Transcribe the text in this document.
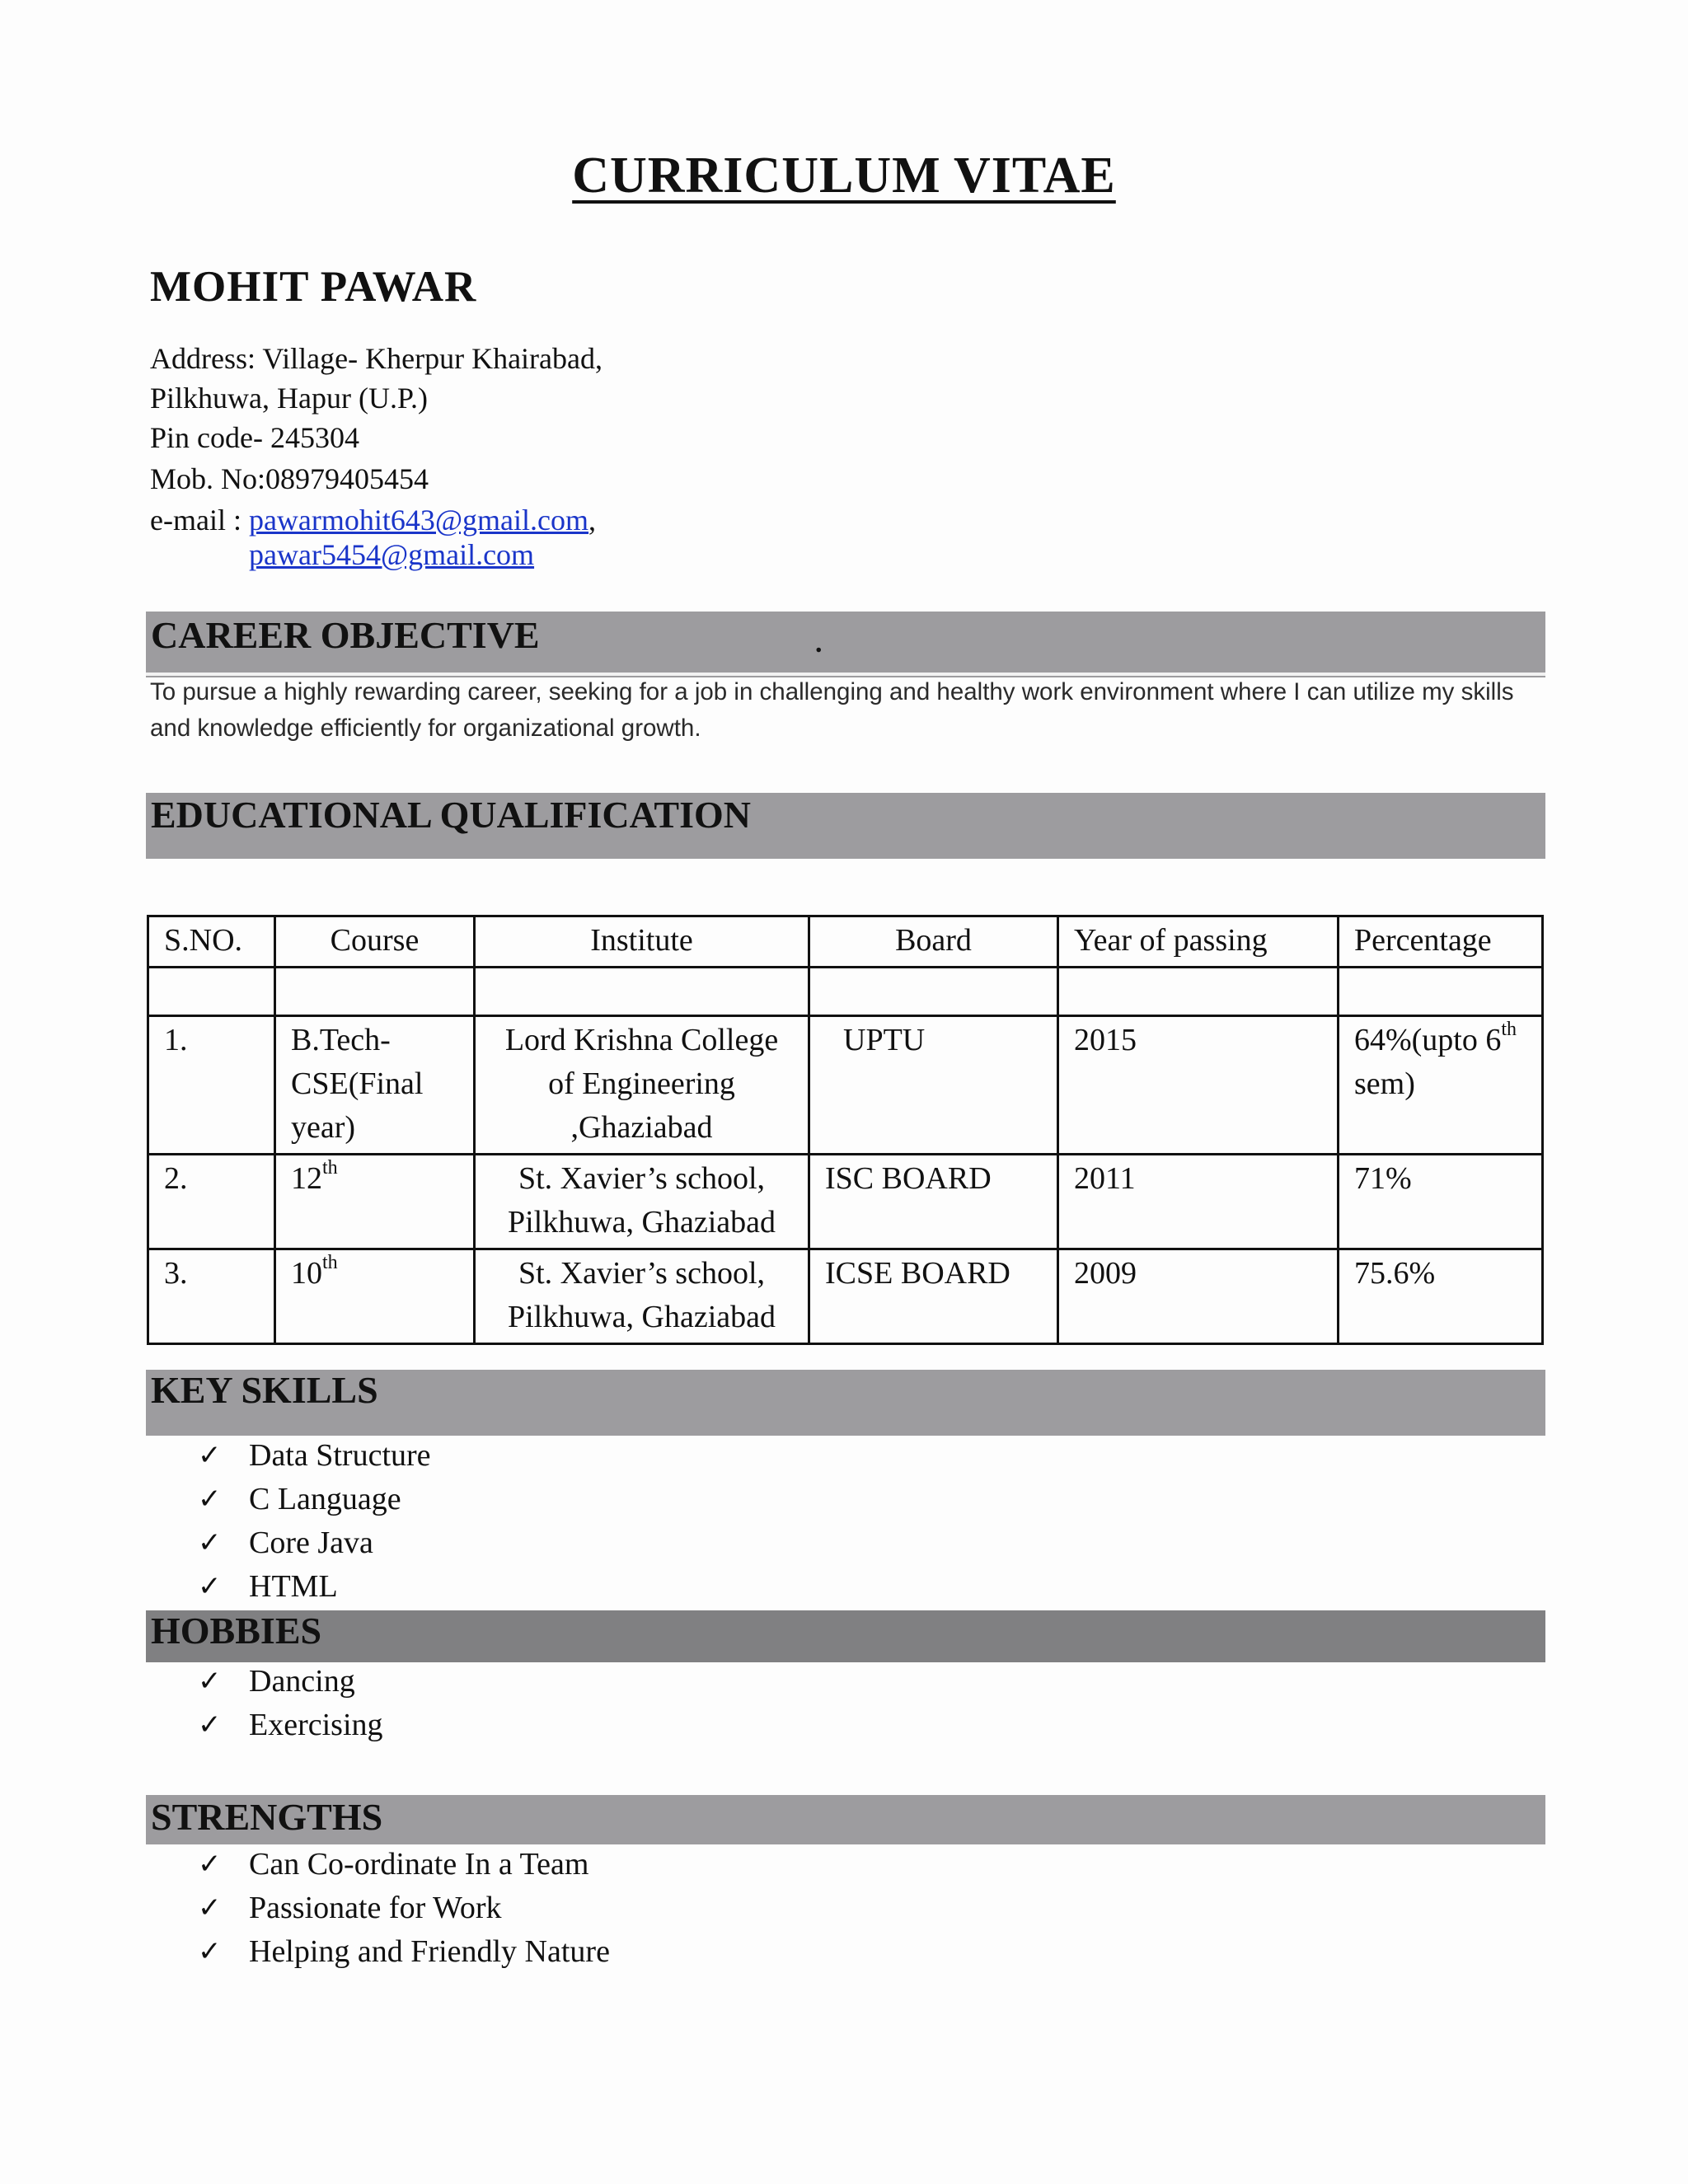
CURRICULUM VITAE
MOHIT PAWAR
Address: Village- Kherpur Khairabad,
Pilkhuwa, Hapur (U.P.)
Pin code- 245304
Mob. No:08979405454
e-mail : pawarmohit643@gmail.com,
pawar5454@gmail.com
CAREER OBJECTIVE	.
To pursue a highly rewarding career, seeking for a job in challenging and healthy work environment where I can utilize my skills and knowledge efficiently for organizational growth.
EDUCATIONAL QUALIFICATION
S.NO.	Course	Institute	Board	Year of passing	Percentage

1.	B.Tech-CSE(Final year)	Lord Krishna College of Engineering ,Ghaziabad	UPTU	2015	64%(upto 6th sem)
2.	12th	St. Xavier’s school, Pilkhuwa, Ghaziabad	ISC BOARD	2011	71%
3.	10th	St. Xavier’s school, Pilkhuwa, Ghaziabad	ICSE BOARD	2009	75.6%
KEY SKILLS
✓ Data Structure
✓ C Language
✓ Core Java
✓ HTML
HOBBIES
✓ Dancing
✓ Exercising
STRENGTHS
✓ Can Co-ordinate In a Team
✓ Passionate for Work
✓ Helping and Friendly Nature
